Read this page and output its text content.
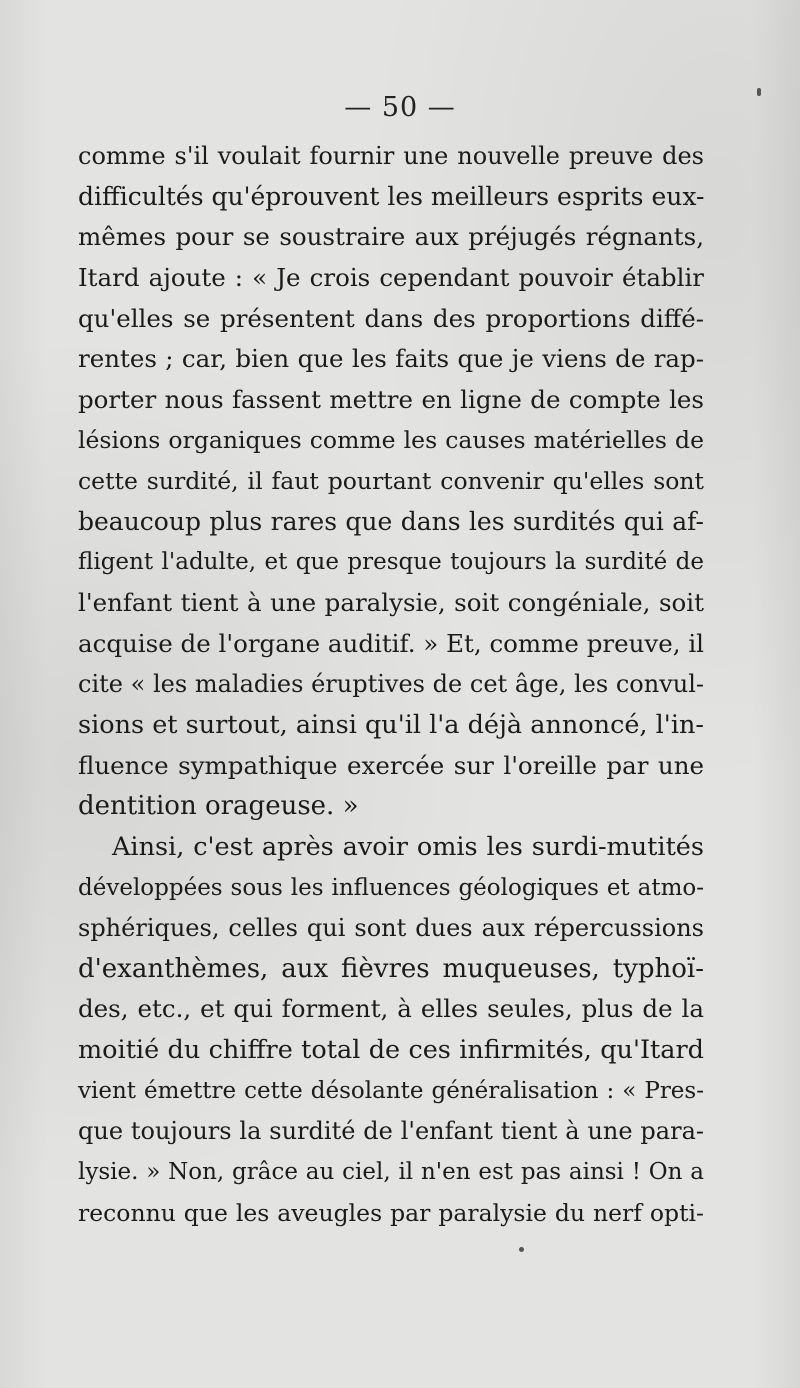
— 50 —
comme s'il voulait fournir une nouvelle preuve des
difficultés qu'éprouvent les meilleurs esprits eux-
mêmes pour se soustraire aux préjugés régnants,
Itard ajoute : « Je crois cependant pouvoir établir
qu'elles se présentent dans des proportions diffé-
rentes ; car, bien que les faits que je viens de rap-
porter nous fassent mettre en ligne de compte les
lésions organiques comme les causes matérielles de
cette surdité, il faut pourtant convenir qu'elles sont
beaucoup plus rares que dans les surdités qui af-
fligent l'adulte, et que presque toujours la surdité de
l'enfant tient à une paralysie, soit congéniale, soit
acquise de l'organe auditif. » Et, comme preuve, il
cite « les maladies éruptives de cet âge, les convul-
sions et surtout, ainsi qu'il l'a déjà annoncé, l'in-
fluence sympathique exercée sur l'oreille par une
dentition orageuse. »
Ainsi, c'est après avoir omis les surdi-mutités
développées sous les influences géologiques et atmo-
sphériques, celles qui sont dues aux répercussions
d'exanthèmes, aux fièvres muqueuses, typhoï-
des, etc., et qui forment, à elles seules, plus de la
moitié du chiffre total de ces infirmités, qu'Itard
vient émettre cette désolante généralisation : « Pres-
que toujours la surdité de l'enfant tient à une para-
lysie. » Non, grâce au ciel, il n'en est pas ainsi ! On a
reconnu que les aveugles par paralysie du nerf opti-
